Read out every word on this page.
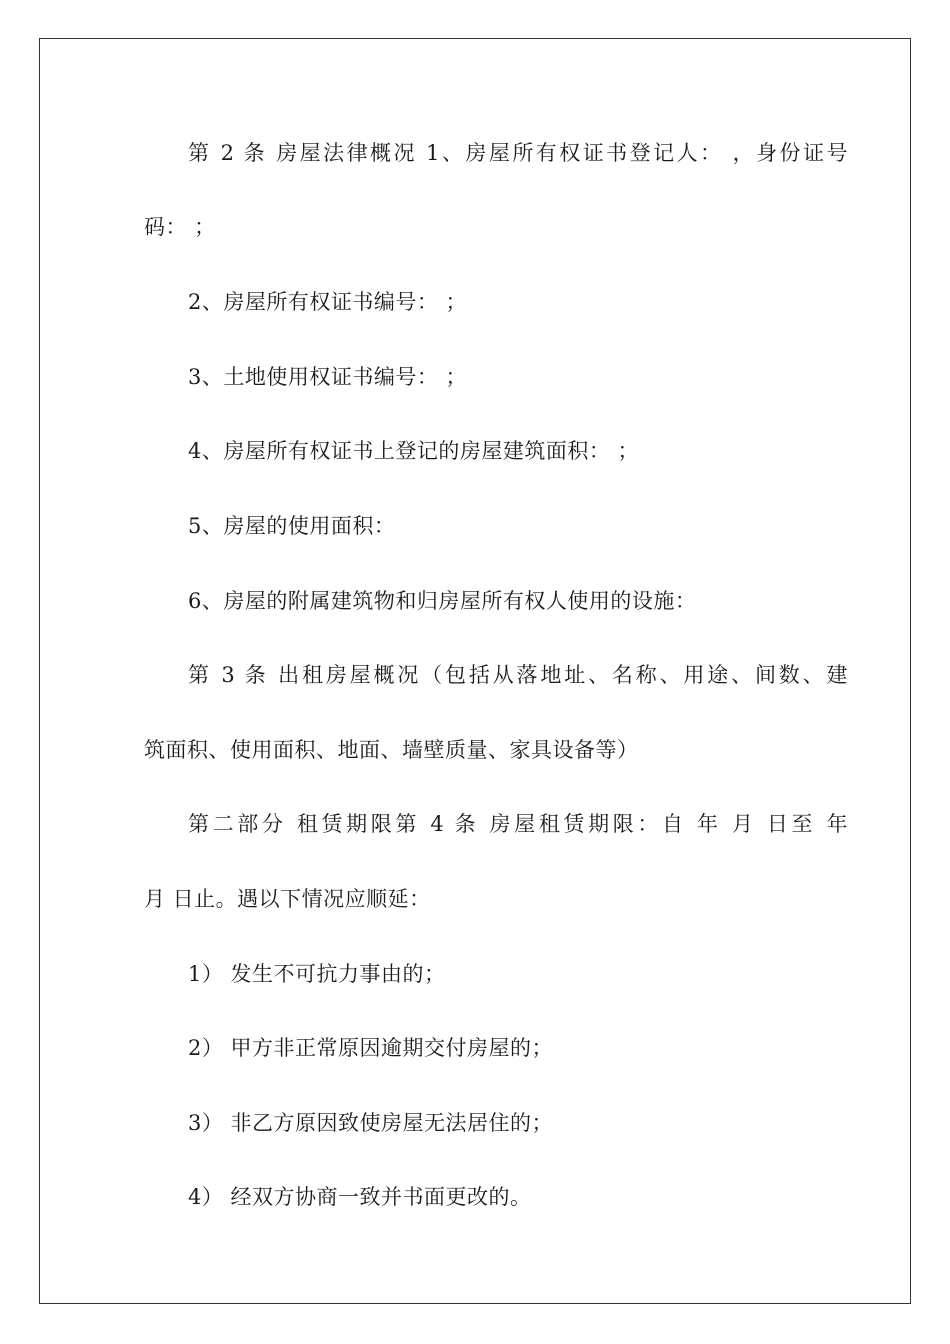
第 2 条 房屋法律概况 1、房屋所有权证书登记人： ，身份证号
码： ；
2、房屋所有权证书编号： ；
3、土地使用权证书编号： ；
4、房屋所有权证书上登记的房屋建筑面积： ；
5、房屋的使用面积：
6、房屋的附属建筑物和归房屋所有权人使用的设施：
第 3 条 出租房屋概况（包括从落地址、名称、用途、间数、建
筑面积、使用面积、地面、墙壁质量、家具设备等）
第二部分 租赁期限第 4 条 房屋租赁期限：自 年 月 日至 年
月 日止。遇以下情况应顺延：
1） 发生不可抗力事由的；
2） 甲方非正常原因逾期交付房屋的；
3） 非乙方原因致使房屋无法居住的；
4） 经双方协商一致并书面更改的。
